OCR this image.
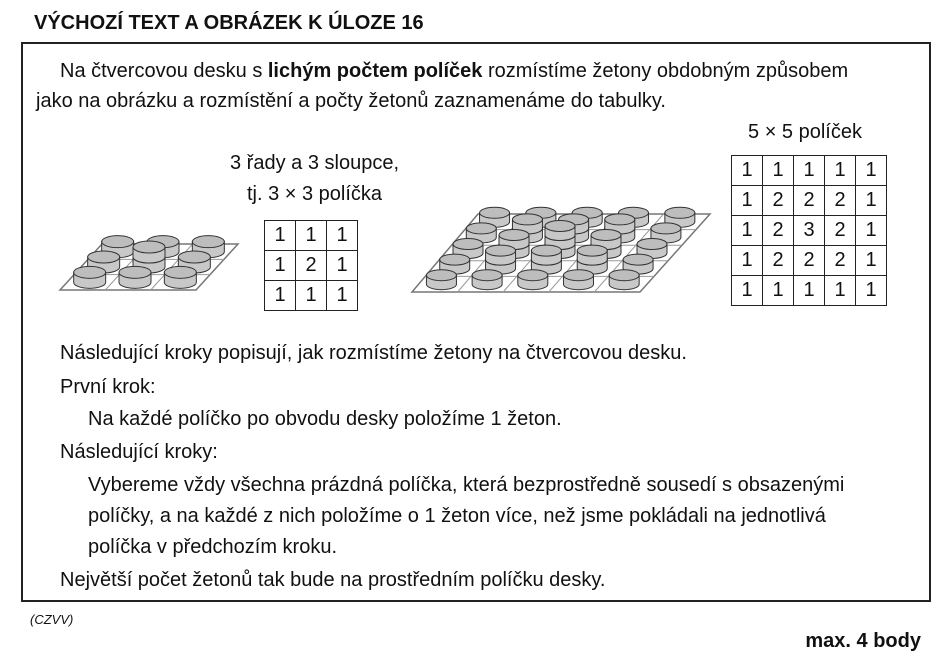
VÝCHOZÍ TEXT A OBRÁZEK K ÚLOZE 16
Na čtvercovou desku s lichým počtem políček rozmístíme žetony obdobným způsobem
jako na obrázku a rozmístění a počty žetonů zaznamenáme do tabulky.
3 řady a 3 sloupce,
tj. 3 × 3 políčka
1	1	1
1	2	1
1	1	1
5 × 5 políček
1	1	1	1	1
1	2	2	2	1
1	2	3	2	1
1	2	2	2	1
1	1	1	1	1
Následující kroky popisují, jak rozmístíme žetony na čtvercovou desku.
První krok:
Na každé políčko po obvodu desky položíme 1 žeton.
Následující kroky:
Vybereme vždy všechna prázdná políčka, která bezprostředně sousedí s obsazenými
políčky, a na každé z nich položíme o 1 žeton více, než jsme pokládali na jednotlivá
políčka v předchozím kroku.
Největší počet žetonů tak bude na prostředním políčku desky.
(CZVV)
max. 4 body
